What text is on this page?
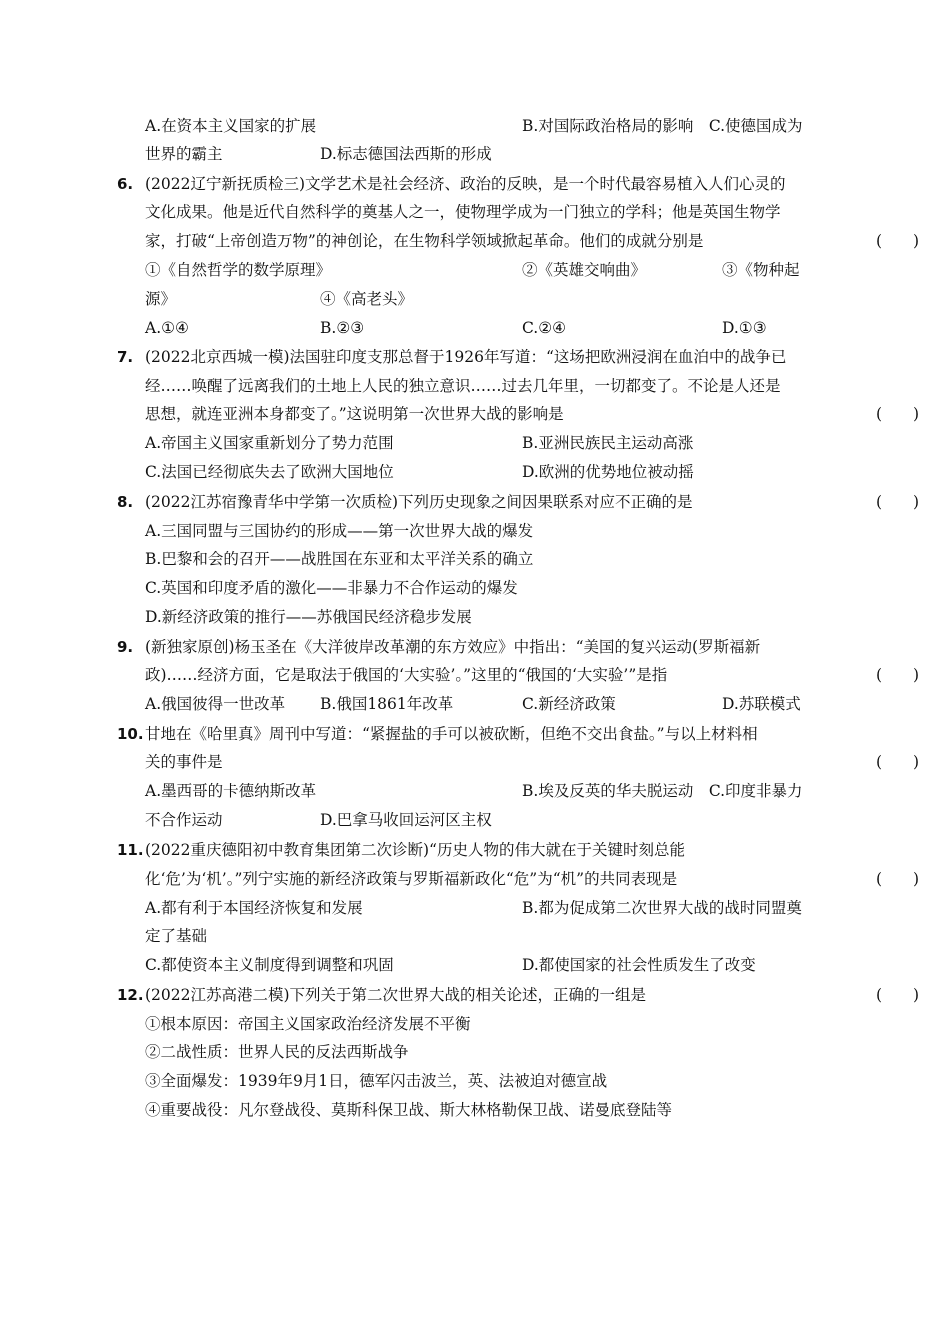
A.在资本主义国家的扩展	B.对国际政治格局的影响　C.使德国成为
世界的霸主	D.标志德国法西斯的形成
6. (2022辽宁新抚质检三)文学艺术是社会经济、政治的反映，是一个时代最容易植入人们心灵的
文化成果。他是近代自然科学的奠基人之一，使物理学成为一门独立的学科；他是英国生物学
家，打破“上帝创造万物”的神创论，在生物科学领域掀起革命。他们的成就分别是	(　　)
①《自然哲学的数学原理》	②《英雄交响曲》	③《物种起
源》	④《高老头》
A.①④	B.②③	C.②④	D.①③
7. (2022北京西城一模)法国驻印度支那总督于1926年写道：“这场把欧洲浸润在血泊中的战争已
经……唤醒了远离我们的土地上人民的独立意识……过去几年里，一切都变了。不论是人还是
思想，就连亚洲本身都变了。”这说明第一次世界大战的影响是	(　　)
A.帝国主义国家重新划分了势力范围	B.亚洲民族民主运动高涨
C.法国已经彻底失去了欧洲大国地位	D.欧洲的优势地位被动摇
8. (2022江苏宿豫青华中学第一次质检)下列历史现象之间因果联系对应不正确的是	(　　)
A.三国同盟与三国协约的形成——第一次世界大战的爆发
B.巴黎和会的召开——战胜国在东亚和太平洋关系的确立
C.英国和印度矛盾的激化——非暴力不合作运动的爆发
D.新经济政策的推行——苏俄国民经济稳步发展
9. (新独家原创)杨玉圣在《大洋彼岸改革潮的东方效应》中指出：“美国的复兴运动(罗斯福新
政)……经济方面，它是取法于俄国的‘大实验’。”这里的“俄国的‘大实验’”是指	(　　)
A.俄国彼得一世改革 B.俄国1861年改革	C.新经济政策	D.苏联模式
10. 甘地在《哈里真》周刊中写道：“紧握盐的手可以被砍断，但绝不交出食盐。”与以上材料相
关的事件是	(　　)
A.墨西哥的卡德纳斯改革	B.埃及反英的华夫脱运动　C.印度非暴力
不合作运动	D.巴拿马收回运河区主权
11. (2022重庆德阳初中教育集团第二次诊断)“历史人物的伟大就在于关键时刻总能
化‘危’为‘机’。”列宁实施的新经济政策与罗斯福新政化“危”为“机”的共同表现是	(　　)
A.都有利于本国经济恢复和发展	B.都为促成第二次世界大战的战时同盟奠
定了基础
C.都使资本主义制度得到调整和巩固	D.都使国家的社会性质发生了改变
12. (2022江苏高港二模)下列关于第二次世界大战的相关论述，正确的一组是	(　　)
①根本原因：帝国主义国家政治经济发展不平衡
②二战性质：世界人民的反法西斯战争
③全面爆发：1939年9月1日，德军闪击波兰，英、法被迫对德宣战
④重要战役：凡尔登战役、莫斯科保卫战、斯大林格勒保卫战、诺曼底登陆等
